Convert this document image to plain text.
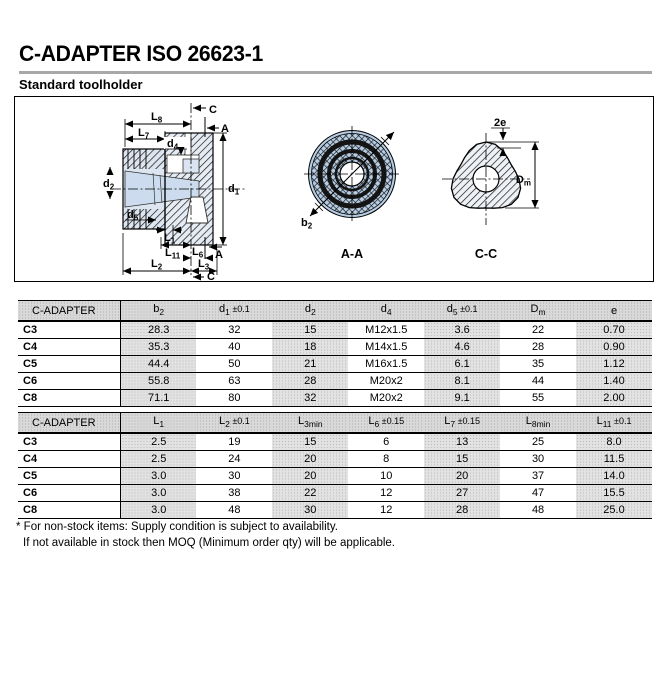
C-ADAPTER ISO 26623-1
Standard toolholder
C
$L_8$
A
$L_7$
$d_4$
$d_2$	$d_1$
$d_5$
$L_1$
$L_{11}$ $L_6$ A
$L_2$	$L_3$
C
$b_2$
A-A
2e
$D_m$
C-C
C-ADAPTER	$b_2$	$d_1 \pm 0.1$	$d_2$	$d_4$	$d_5 \pm 0.1$	$D_m$	e
C3	28.3	32	15	M12x1.5	3.6	22	0.70
C4	35.3	40	18	M14x1.5	4.6	28	0.90
C5	44.4	50	21	M16x1.5	6.1	35	1.12
C6	55.8	63	28	M20x2	8.1	44	1.40
C8	71.1	80	32	M20x2	9.1	55	2.00
C-ADAPTER	$L_1$	$L_2 \pm 0.1$	$L_{3min}$	$L_6 \pm 0.15$	$L_7 \pm 0.15$	$L_{8min}$	$L_{11} \pm 0.1$
C3	2.5	19	15	6	13	25	8.0
C4	2.5	24	20	8	15	30	11.5
C5	3.0	30	20	10	20	37	14.0
C6	3.0	38	22	12	27	47	15.5
C8	3.0	48	30	12	28	48	25.0
* For non-stock items: Supply condition is subject to availability.
If not available in stock then MOQ (Minimum order qty) will be applicable.
